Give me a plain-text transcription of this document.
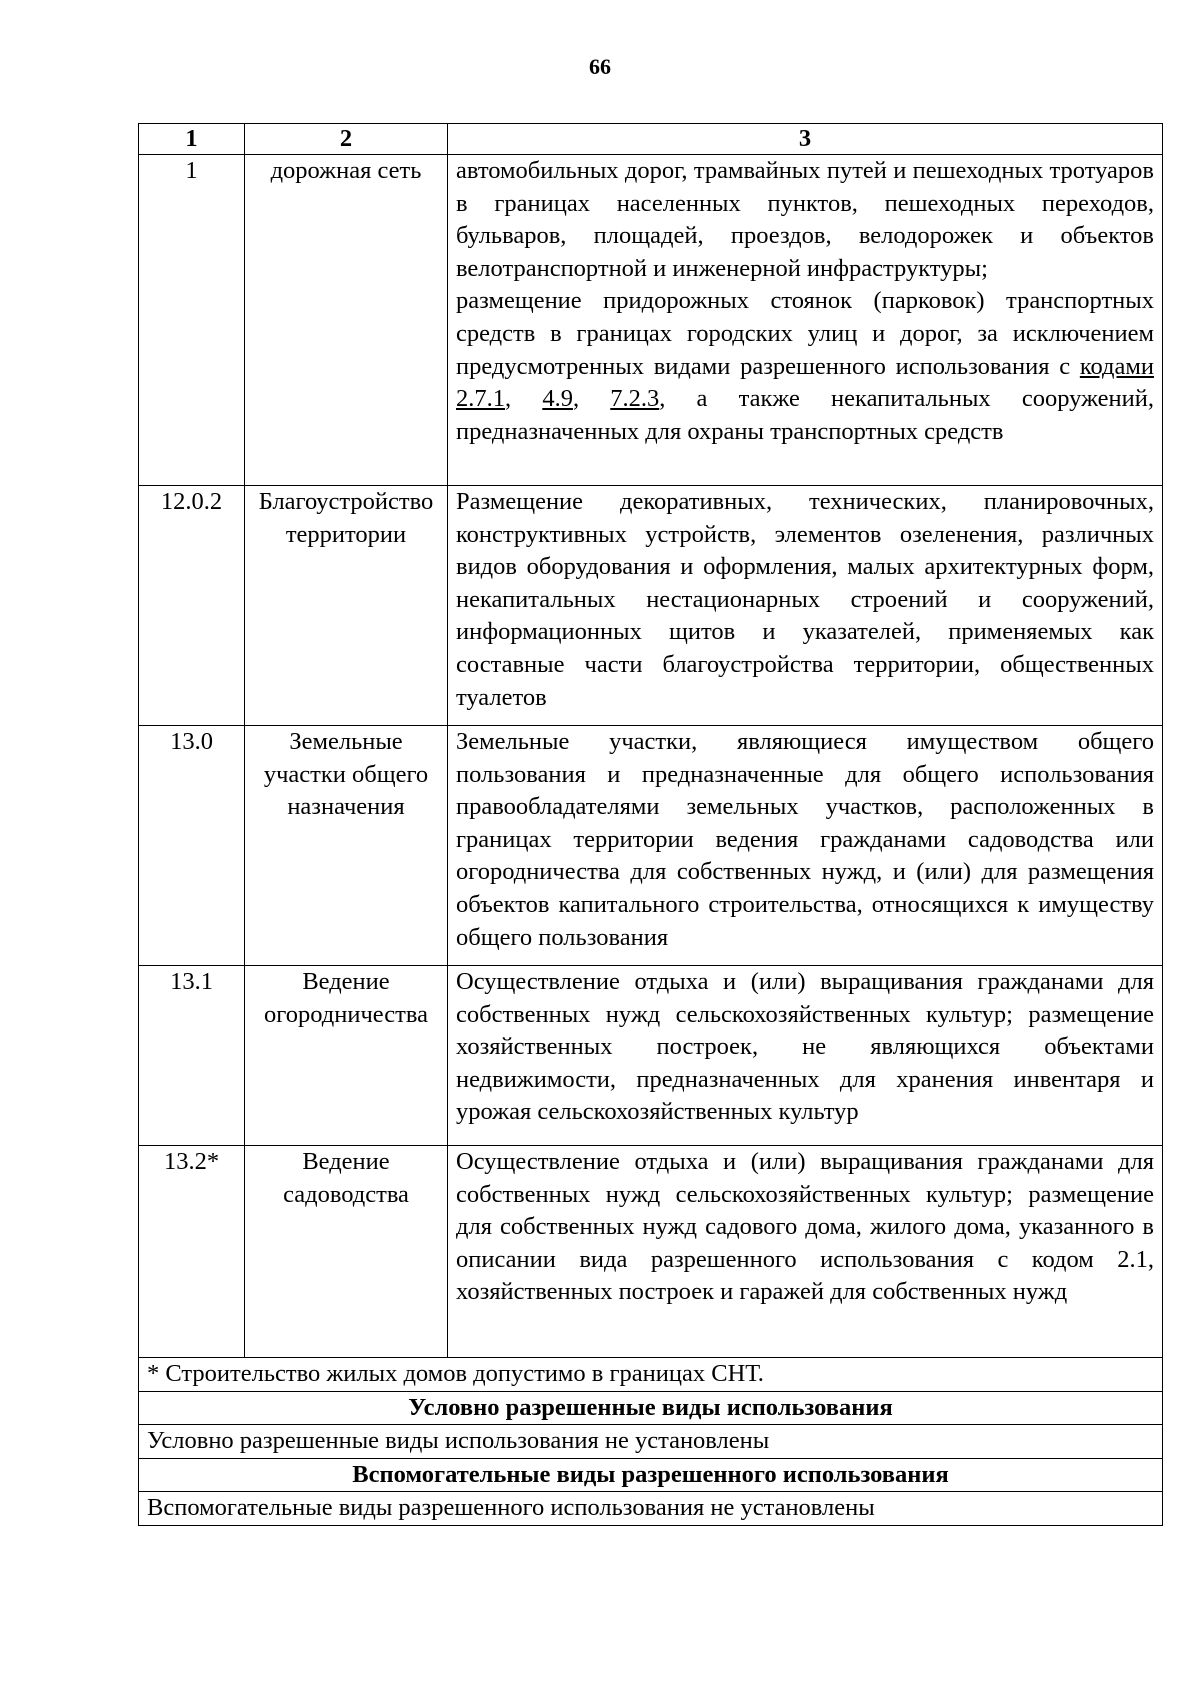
66
1	2	3
1	дорожная сеть	автомобильных дорог, трамвайных путей и пешеходных тротуаров в границах населенных пунктов, пешеходных переходов, бульваров, площадей, проездов, велодорожек и объектов велотранспортной и инженерной инфраструктуры;
размещение придорожных стоянок (парковок) транспортных средств в границах городских улиц и дорог, за исключением предусмотренных видами разрешенного использования с кодами 2.7.1, 4.9, 7.2.3, а также некапитальных сооружений, предназначенных для охраны транспортных средств

12.0.2	Благоустройство территории	Размещение декоративных, технических, планировочных, конструктивных устройств, элементов озеленения, различных видов оборудования и оформления, малых архитектурных форм, некапитальных нестационарных строений и сооружений, информационных щитов и указателей, применяемых как составные части благоустройства территории, общественных туалетов

13.0	Земельные участки общего назначения	Земельные участки, являющиеся имуществом общего пользования и предназначенные для общего использования правообладателями земельных участков, расположенных в границах территории ведения гражданами садоводства или огородничества для собственных нужд, и (или) для размещения объектов капитального строительства, относящихся к имуществу общего пользования

13.1	Ведение огородничества	Осуществление отдыха и (или) выращивания гражданами для собственных нужд сельскохозяйственных культур; размещение хозяйственных построек, не являющихся объектами недвижимости, предназначенных для хранения инвентаря и урожая сельскохозяйственных культур

13.2*	Ведение садоводства	Осуществление отдыха и (или) выращивания гражданами для собственных нужд сельскохозяйственных культур; размещение для собственных нужд садового дома, жилого дома, указанного в описании вида разрешенного использования с кодом 2.1, хозяйственных построек и гаражей для собственных нужд

* Строительство жилых домов допустимо в границах СНТ.		
Условно разрешенные виды использования		
Условно разрешенные виды использования не установлены		
Вспомогательные виды разрешенного использования		
Вспомогательные виды разрешенного использования не установлены		
